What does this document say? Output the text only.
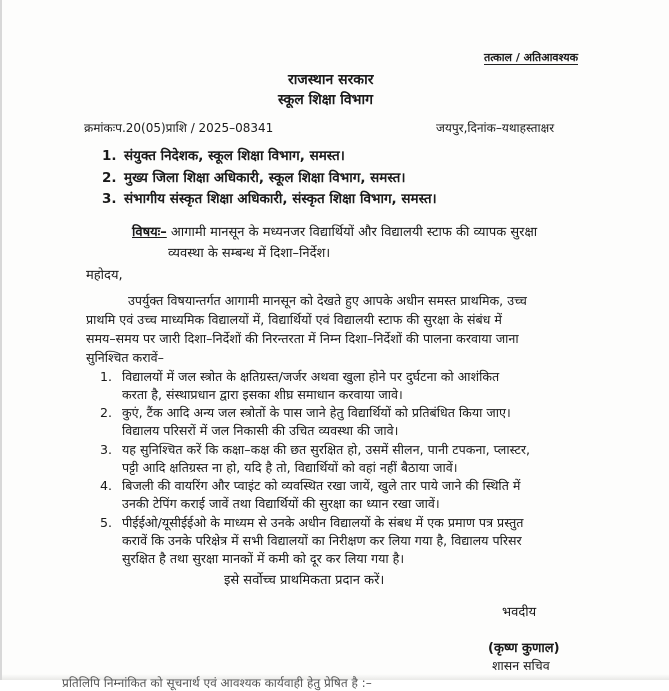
तत्काल / अतिआवश्यक
राजस्थान सरकार
स्कूल शिक्षा विभाग
क्रमांकःप.20(05)प्राशि / 2025–08341	जयपुर,दिनांक–यथाहस्ताक्षर
1. संयुक्त निदेशक, स्कूल शिक्षा विभाग, समस्त।
2. मुख्य जिला शिक्षा अधिकारी, स्कूल शिक्षा विभाग, समस्त।
3. संभागीय संस्कृत शिक्षा अधिकारी, संस्कृत शिक्षा विभाग, समस्त।
विषयः– आगामी मानसून के मध्यनजर विद्यार्थियों और विद्यालयी स्टाफ की व्यापक सुरक्षा
व्यवस्था के सम्बन्ध में दिशा–निर्देश।
महोदय,
उपर्युक्त विषयान्तर्गत आगामी मानसून को देखते हुए आपके अधीन समस्त प्राथमिक, उच्च
प्राथमि एवं उच्च माध्यमिक विद्यालयों में, विद्यार्थियों एवं विद्यालयी स्टाफ की सुरक्षा के संबंध में
समय–समय पर जारी दिशा–निर्देशों की निरन्तरता में निम्न दिशा–निर्देशों की पालना करवाया जाना
सुनिश्चित करावें–
1. विद्यालयों में जल स्त्रोत के क्षतिग्रस्त/जर्जर अथवा खुला होने पर दुर्घटना को आशंकित
करता है, संस्थाप्रधान द्वारा इसका शीघ्र समाधान करवाया जावे।
2. कुएं, टैंक आदि अन्य जल स्त्रोतों के पास जाने हेतु विद्यार्थियों को प्रतिबंधित किया जाए।
विद्यालय परिसरों में जल निकासी की उचित व्यवस्था की जावे।
3. यह सुनिश्चित करें कि कक्षा–कक्ष की छत सुरक्षित हो, उसमें सीलन, पानी टपकना, प्लास्टर,
पट्टी आदि क्षतिग्रस्त ना हो, यदि है तो, विद्यार्थियों को वहां नहीं बैठाया जावें।
4. बिजली की वायरिंग और प्वाइंट को व्यवस्थित रखा जायें, खुले तार पाये जाने की स्थिति में
उनकी टेपिंग कराई जावें तथा विद्यार्थियों की सुरक्षा का ध्यान रखा जावें।
5. पीईईओ/यूसीईईओ के माध्यम से उनके अधीन विद्यालयों के संबध में एक प्रमाण पत्र प्रस्तुत
करावें कि उनके परिक्षेत्र में सभी विद्यालयों का निरीक्षण कर लिया गया है, विद्यालय परिसर
सुरक्षित है तथा सुरक्षा मानकों में कमी को दूर कर लिया गया है।
इसे सर्वोच्च प्राथमिकता प्रदान करें।
भवदीय
(कृष्ण कुणाल)
शासन सचिव
प्रतिलिपि निम्नांकित को सूचनार्थ एवं आवश्यक कार्यवाही हेतु प्रेषित है :–
